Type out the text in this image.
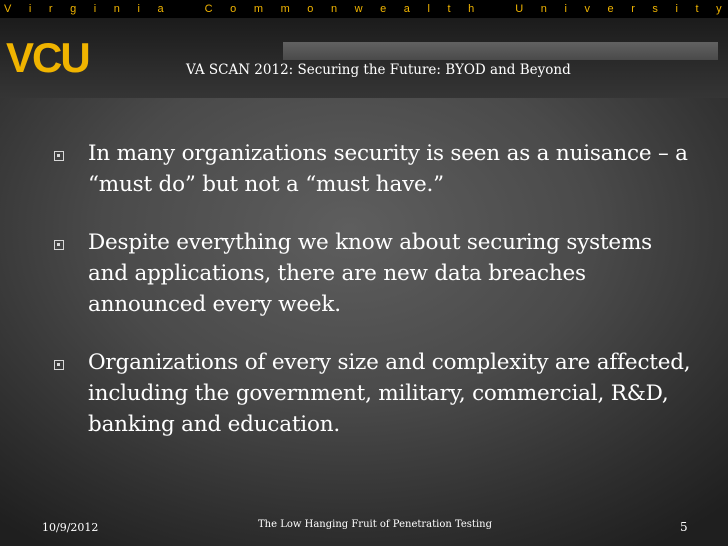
V i r g i n i a	C o m m o n w e a l t h	U n i v e r s i t y
VCU	VA SCAN 2012: Securing the Future: BYOD and Beyond
In many organizations security is seen as a nuisance – a “must do” but not a “must have.”
Despite everything we know about securing systems and applications, there are new data breaches announced every week.
Organizations of every size and complexity are affected, including the government, military, commercial, R&D, banking and education.
10/9/2012	The Low Hanging Fruit of Penetration Testing	5
